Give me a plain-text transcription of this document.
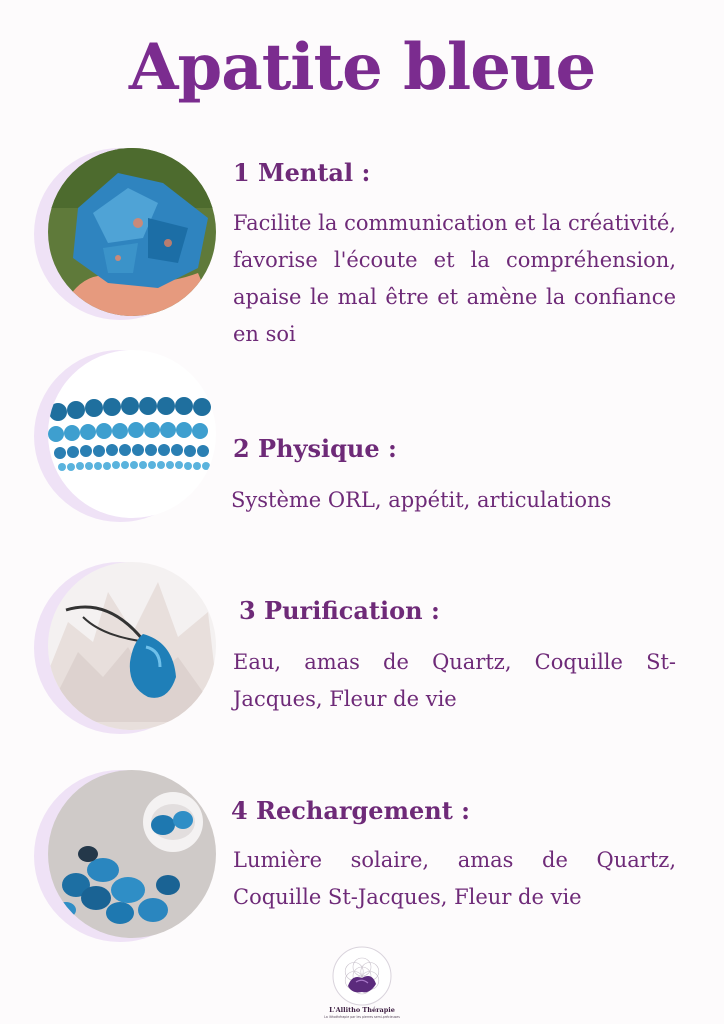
Apatite bleue
1 Mental :
Facilite la communication et la créativité, favorise l'écoute et la compréhension, apaise le mal être et amène la confiance en soi
2 Physique :
Système ORL, appétit, articulations
3 Purification :
Eau, amas de Quartz, Coquille St-Jacques, Fleur de vie
4 Rechargement :
Lumière solaire, amas de Quartz, Coquille St-Jacques, Fleur de vie
L'Allitho Thérapie
La lithothérapie par les pierres semi-précieuses
